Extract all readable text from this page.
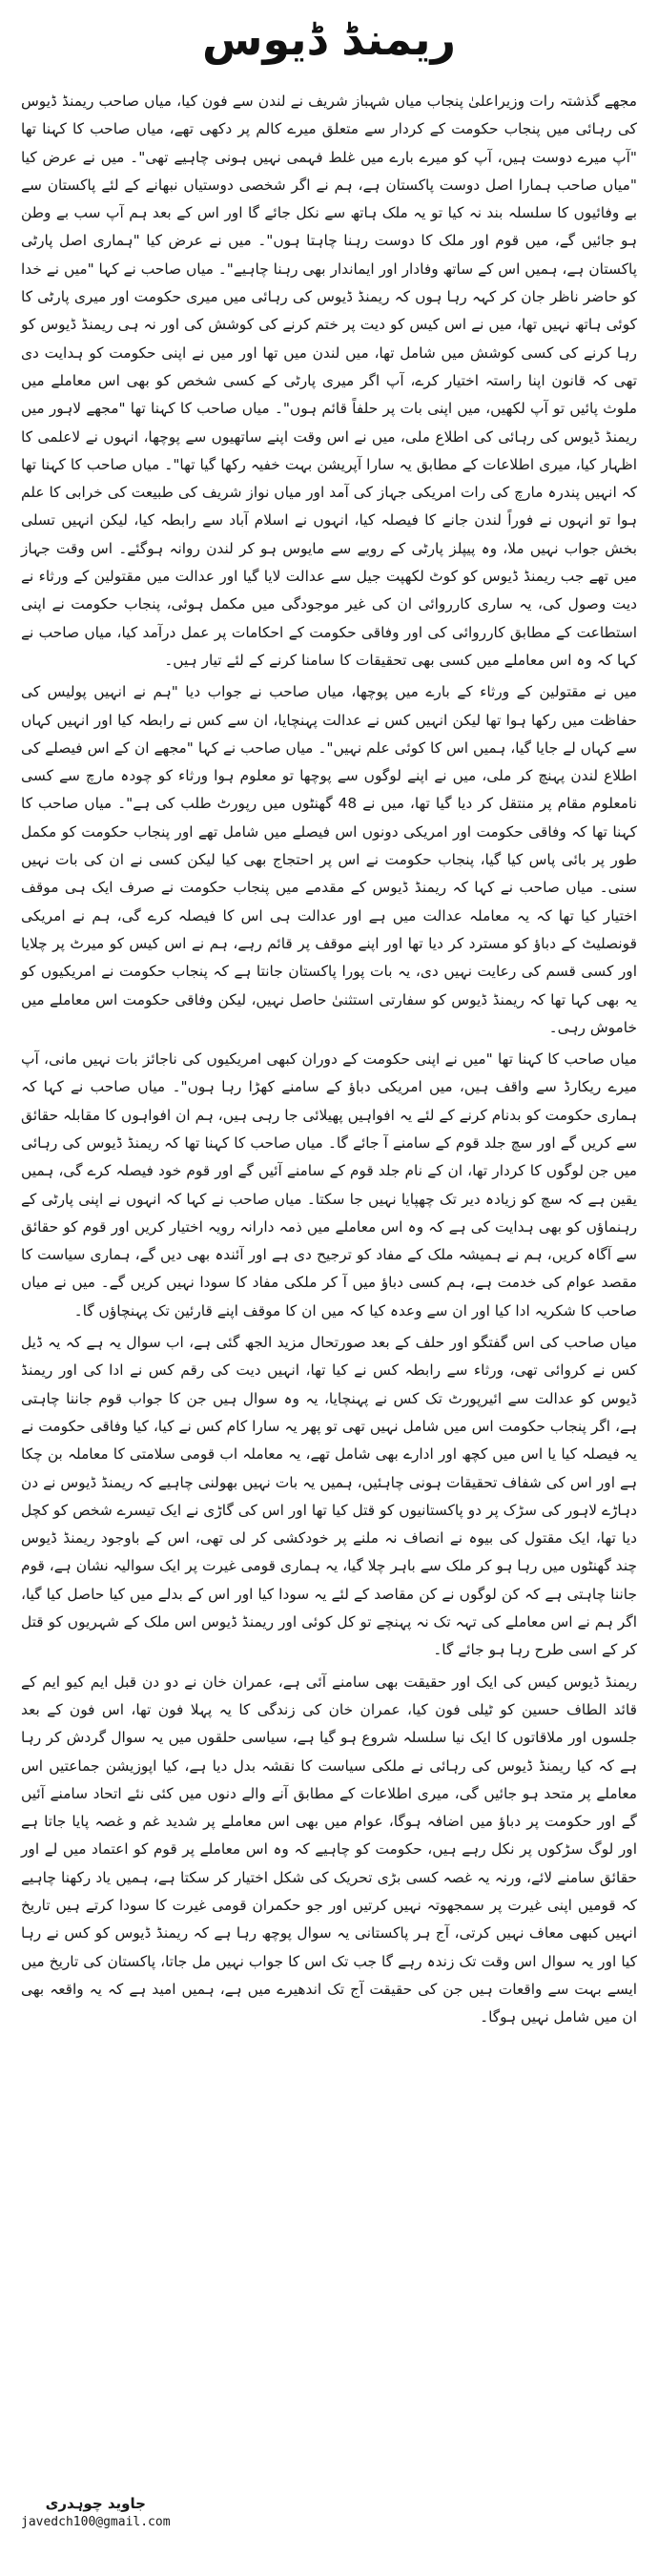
ریمنڈ ڈیوس

مجھے گذشتہ رات وزیراعلیٰ پنجاب میاں شہباز شریف نے لندن سے فون کیا، میاں صاحب ریمنڈ ڈیوس کی رہائی میں پنجاب حکومت کے کردار سے متعلق میرے کالم پر دکھی تھے، میاں صاحب کا کہنا تھا "آپ میرے دوست ہیں، آپ کو میرے بارے میں غلط فہمی نہیں ہونی چاہیے تھی"۔ میں نے عرض کیا "میاں صاحب ہمارا اصل دوست پاکستان ہے، ہم نے اگر شخصی دوستیاں نبھانے کے لئے پاکستان سے بے وفائیوں کا سلسلہ بند نہ کیا تو یہ ملک ہاتھ سے نکل جائے گا اور اس کے بعد ہم آپ سب بے وطن ہو جائیں گے، میں قوم اور ملک کا دوست رہنا چاہتا ہوں"۔ میں نے عرض کیا "ہماری اصل پارٹی پاکستان ہے، ہمیں اس کے ساتھ وفادار اور ایماندار بھی رہنا چاہیے"۔ میاں صاحب نے کہا "میں نے خدا کو حاضر ناظر جان کر کہہ رہا ہوں کہ ریمنڈ ڈیوس کی رہائی میں میری حکومت اور میری پارٹی کا کوئی ہاتھ نہیں تھا، میں نے اس کیس کو دیت پر ختم کرنے کی کوشش کی اور نہ ہی ریمنڈ ڈیوس کو رہا کرنے کی کسی کوشش میں شامل تھا، میں لندن میں تھا اور میں نے اپنی حکومت کو ہدایت دی تھی کہ قانون اپنا راستہ اختیار کرے، آپ اگر میری پارٹی کے کسی شخص کو بھی اس معاملے میں ملوث پائیں تو آپ لکھیں، میں اپنی بات پر حلفاً قائم ہوں"۔ میاں صاحب کا کہنا تھا "مجھے لاہور میں ریمنڈ ڈیوس کی رہائی کی اطلاع ملی، میں نے اس وقت اپنے ساتھیوں سے پوچھا، انہوں نے لاعلمی کا اظہار کیا، میری اطلاعات کے مطابق یہ سارا آپریشن بہت خفیہ رکھا گیا تھا"۔ میاں صاحب کا کہنا تھا کہ انہیں پندرہ مارچ کی رات امریکی جہاز کی آمد اور میاں نواز شریف کی طبیعت کی خرابی کا علم ہوا تو انہوں نے فوراً لندن جانے کا فیصلہ کیا، انہوں نے اسلام آباد سے رابطہ کیا، لیکن انہیں تسلی بخش جواب نہیں ملا، وہ پیپلز پارٹی کے رویے سے مایوس ہو کر لندن روانہ ہوگئے۔ اس وقت جہاز میں تھے جب ریمنڈ ڈیوس کو کوٹ لکھپت جیل سے عدالت لایا گیا اور عدالت میں مقتولین کے ورثاء نے دیت وصول کی، یہ ساری کارروائی ان کی غیر موجودگی میں مکمل ہوئی، پنجاب حکومت نے اپنی استطاعت کے مطابق کارروائی کی اور وفاقی حکومت کے احکامات پر عمل درآمد کیا، میاں صاحب نے کہا کہ وہ اس معاملے میں کسی بھی تحقیقات کا سامنا کرنے کے لئے تیار ہیں۔

میں نے مقتولین کے ورثاء کے بارے میں پوچھا، میاں صاحب نے جواب دیا "ہم نے انہیں پولیس کی حفاظت میں رکھا ہوا تھا لیکن انہیں کس نے عدالت پہنچایا، ان سے کس نے رابطہ کیا اور انہیں کہاں سے کہاں لے جایا گیا، ہمیں اس کا کوئی علم نہیں"۔ میاں صاحب نے کہا "مجھے ان کے اس فیصلے کی اطلاع لندن پہنچ کر ملی، میں نے اپنے لوگوں سے پوچھا تو معلوم ہوا ورثاء کو چودہ مارچ سے کسی نامعلوم مقام پر منتقل کر دیا گیا تھا، میں نے 48 گھنٹوں میں رپورٹ طلب کی ہے"۔ میاں صاحب کا کہنا تھا کہ وفاقی حکومت اور امریکی دونوں اس فیصلے میں شامل تھے اور پنجاب حکومت کو مکمل طور پر بائی پاس کیا گیا، پنجاب حکومت نے اس پر احتجاج بھی کیا لیکن کسی نے ان کی بات نہیں سنی۔ میاں صاحب نے کہا کہ ریمنڈ ڈیوس کے مقدمے میں پنجاب حکومت نے صرف ایک ہی موقف اختیار کیا تھا کہ یہ معاملہ عدالت میں ہے اور عدالت ہی اس کا فیصلہ کرے گی، ہم نے امریکی قونصلیٹ کے دباؤ کو مسترد کر دیا تھا اور اپنے موقف پر قائم رہے، ہم نے اس کیس کو میرٹ پر چلایا اور کسی قسم کی رعایت نہیں دی، یہ بات پورا پاکستان جانتا ہے کہ پنجاب حکومت نے امریکیوں کو یہ بھی کہا تھا کہ ریمنڈ ڈیوس کو سفارتی استثنیٰ حاصل نہیں، لیکن وفاقی حکومت اس معاملے میں خاموش رہی۔

میاں صاحب کا کہنا تھا "میں نے اپنی حکومت کے دوران کبھی امریکیوں کی ناجائز بات نہیں مانی، آپ میرے ریکارڈ سے واقف ہیں، میں امریکی دباؤ کے سامنے کھڑا رہا ہوں"۔ میاں صاحب نے کہا کہ ہماری حکومت کو بدنام کرنے کے لئے یہ افواہیں پھیلائی جا رہی ہیں، ہم ان افواہوں کا مقابلہ حقائق سے کریں گے اور سچ جلد قوم کے سامنے آ جائے گا۔ میاں صاحب کا کہنا تھا کہ ریمنڈ ڈیوس کی رہائی میں جن لوگوں کا کردار تھا، ان کے نام جلد قوم کے سامنے آئیں گے اور قوم خود فیصلہ کرے گی، ہمیں یقین ہے کہ سچ کو زیادہ دیر تک چھپایا نہیں جا سکتا۔ میاں صاحب نے کہا کہ انہوں نے اپنی پارٹی کے رہنماؤں کو بھی ہدایت کی ہے کہ وہ اس معاملے میں ذمہ دارانہ رویہ اختیار کریں اور قوم کو حقائق سے آگاہ کریں، ہم نے ہمیشہ ملک کے مفاد کو ترجیح دی ہے اور آئندہ بھی دیں گے، ہماری سیاست کا مقصد عوام کی خدمت ہے، ہم کسی دباؤ میں آ کر ملکی مفاد کا سودا نہیں کریں گے۔ میں نے میاں صاحب کا شکریہ ادا کیا اور ان سے وعدہ کیا کہ میں ان کا موقف اپنے قارئین تک پہنچاؤں گا۔

میاں صاحب کی اس گفتگو اور حلف کے بعد صورتحال مزید الجھ گئی ہے، اب سوال یہ ہے کہ یہ ڈیل کس نے کروائی تھی، ورثاء سے رابطہ کس نے کیا تھا، انہیں دیت کی رقم کس نے ادا کی اور ریمنڈ ڈیوس کو عدالت سے ائیرپورٹ تک کس نے پہنچایا، یہ وہ سوال ہیں جن کا جواب قوم جاننا چاہتی ہے، اگر پنجاب حکومت اس میں شامل نہیں تھی تو پھر یہ سارا کام کس نے کیا، کیا وفاقی حکومت نے یہ فیصلہ کیا یا اس میں کچھ اور ادارے بھی شامل تھے، یہ معاملہ اب قومی سلامتی کا معاملہ بن چکا ہے اور اس کی شفاف تحقیقات ہونی چاہئیں، ہمیں یہ بات نہیں بھولنی چاہیے کہ ریمنڈ ڈیوس نے دن دہاڑے لاہور کی سڑک پر دو پاکستانیوں کو قتل کیا تھا اور اس کی گاڑی نے ایک تیسرے شخص کو کچل دیا تھا، ایک مقتول کی بیوہ نے انصاف نہ ملنے پر خودکشی کر لی تھی، اس کے باوجود ریمنڈ ڈیوس چند گھنٹوں میں رہا ہو کر ملک سے باہر چلا گیا، یہ ہماری قومی غیرت پر ایک سوالیہ نشان ہے، قوم جاننا چاہتی ہے کہ کن لوگوں نے کن مقاصد کے لئے یہ سودا کیا اور اس کے بدلے میں کیا حاصل کیا گیا، اگر ہم نے اس معاملے کی تہہ تک نہ پہنچے تو کل کوئی اور ریمنڈ ڈیوس اس ملک کے شہریوں کو قتل کر کے اسی طرح رہا ہو جائے گا۔

ریمنڈ ڈیوس کیس کی ایک اور حقیقت بھی سامنے آئی ہے، عمران خان نے دو دن قبل ایم کیو ایم کے قائد الطاف حسین کو ٹیلی فون کیا، عمران خان کی زندگی کا یہ پہلا فون تھا، اس فون کے بعد جلسوں اور ملاقاتوں کا ایک نیا سلسلہ شروع ہو گیا ہے، سیاسی حلقوں میں یہ سوال گردش کر رہا ہے کہ کیا ریمنڈ ڈیوس کی رہائی نے ملکی سیاست کا نقشہ بدل دیا ہے، کیا اپوزیشن جماعتیں اس معاملے پر متحد ہو جائیں گی، میری اطلاعات کے مطابق آنے والے دنوں میں کئی نئے اتحاد سامنے آئیں گے اور حکومت پر دباؤ میں اضافہ ہوگا، عوام میں بھی اس معاملے پر شدید غم و غصہ پایا جاتا ہے اور لوگ سڑکوں پر نکل رہے ہیں، حکومت کو چاہیے کہ وہ اس معاملے پر قوم کو اعتماد میں لے اور حقائق سامنے لائے، ورنہ یہ غصہ کسی بڑی تحریک کی شکل اختیار کر سکتا ہے، ہمیں یاد رکھنا چاہیے کہ قومیں اپنی غیرت پر سمجھوتہ نہیں کرتیں اور جو حکمران قومی غیرت کا سودا کرتے ہیں تاریخ انہیں کبھی معاف نہیں کرتی، آج ہر پاکستانی یہ سوال پوچھ رہا ہے کہ ریمنڈ ڈیوس کو کس نے رہا کیا اور یہ سوال اس وقت تک زندہ رہے گا جب تک اس کا جواب نہیں مل جاتا، پاکستان کی تاریخ میں ایسے بہت سے واقعات ہیں جن کی حقیقت آج تک اندھیرے میں ہے، ہمیں امید ہے کہ یہ واقعہ بھی ان میں شامل نہیں ہوگا۔

جاوید چوہدری
javedch100@gmail.com
